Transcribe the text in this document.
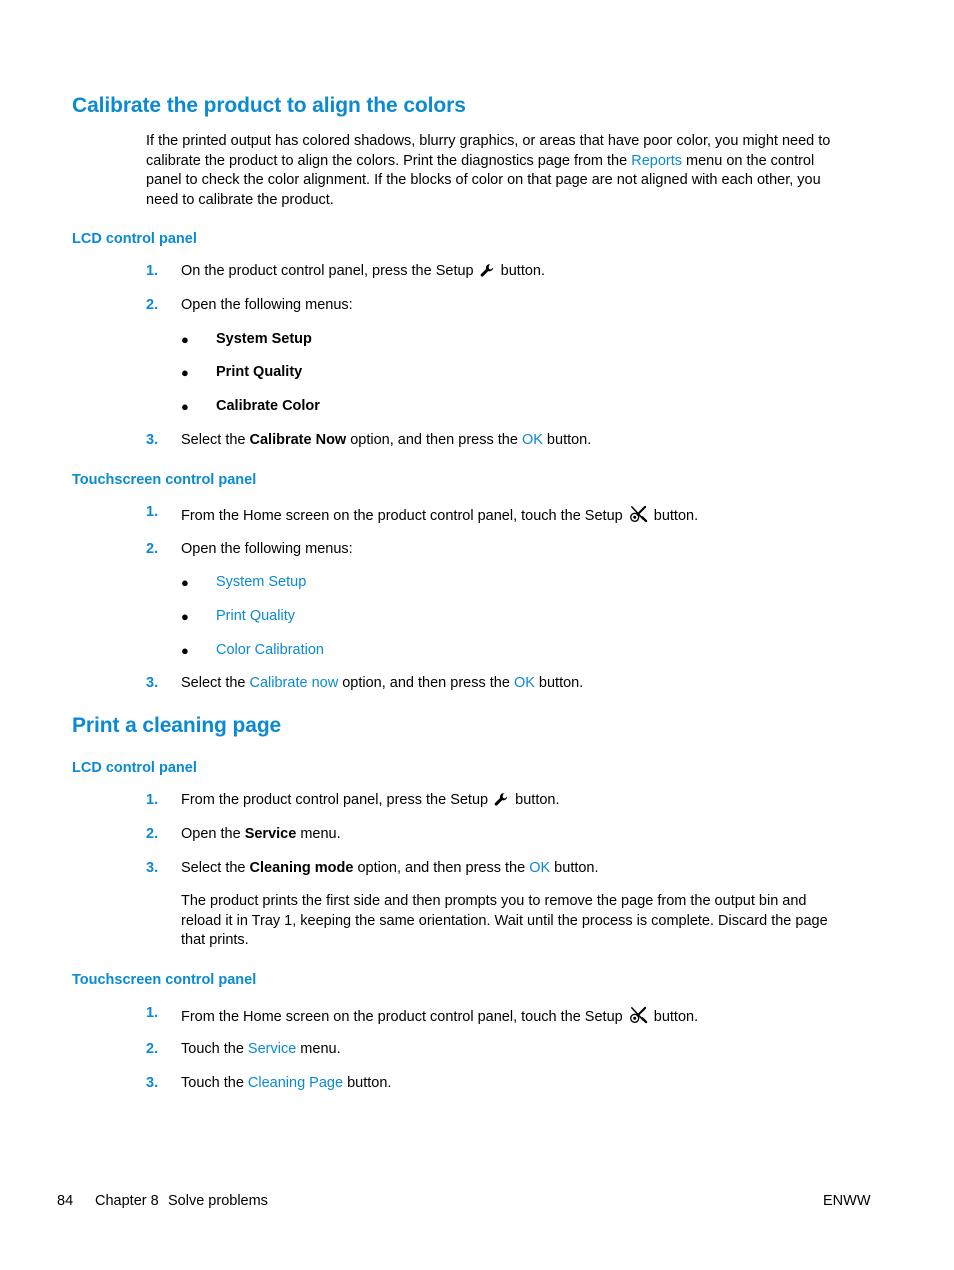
Calibrate the product to align the colors
If the printed output has colored shadows, blurry graphics, or areas that have poor color, you might need to
calibrate the product to align the colors. Print the diagnostics page from the Reports menu on the control
panel to check the color alignment. If the blocks of color on that page are not aligned with each other, you
need to calibrate the product.
LCD control panel
1. On the product control panel, press the Setup button.
2. Open the following menus:
● System Setup
● Print Quality
● Calibrate Color
3. Select the Calibrate Now option, and then press the OK button.
Touchscreen control panel
1. From the Home screen on the product control panel, touch the Setup button.
2. Open the following menus:
● System Setup
● Print Quality
● Color Calibration
3. Select the Calibrate now option, and then press the OK button.
Print a cleaning page
LCD control panel
1. From the product control panel, press the Setup button.
2. Open the Service menu.
3. Select the Cleaning mode option, and then press the OK button.
The product prints the first side and then prompts you to remove the page from the output bin and
reload it in Tray 1, keeping the same orientation. Wait until the process is complete. Discard the page
that prints.
Touchscreen control panel
1. From the Home screen on the product control panel, touch the Setup button.
2. Touch the Service menu.
3. Touch the Cleaning Page button.
84 Chapter 8 Solve problems	ENWW
